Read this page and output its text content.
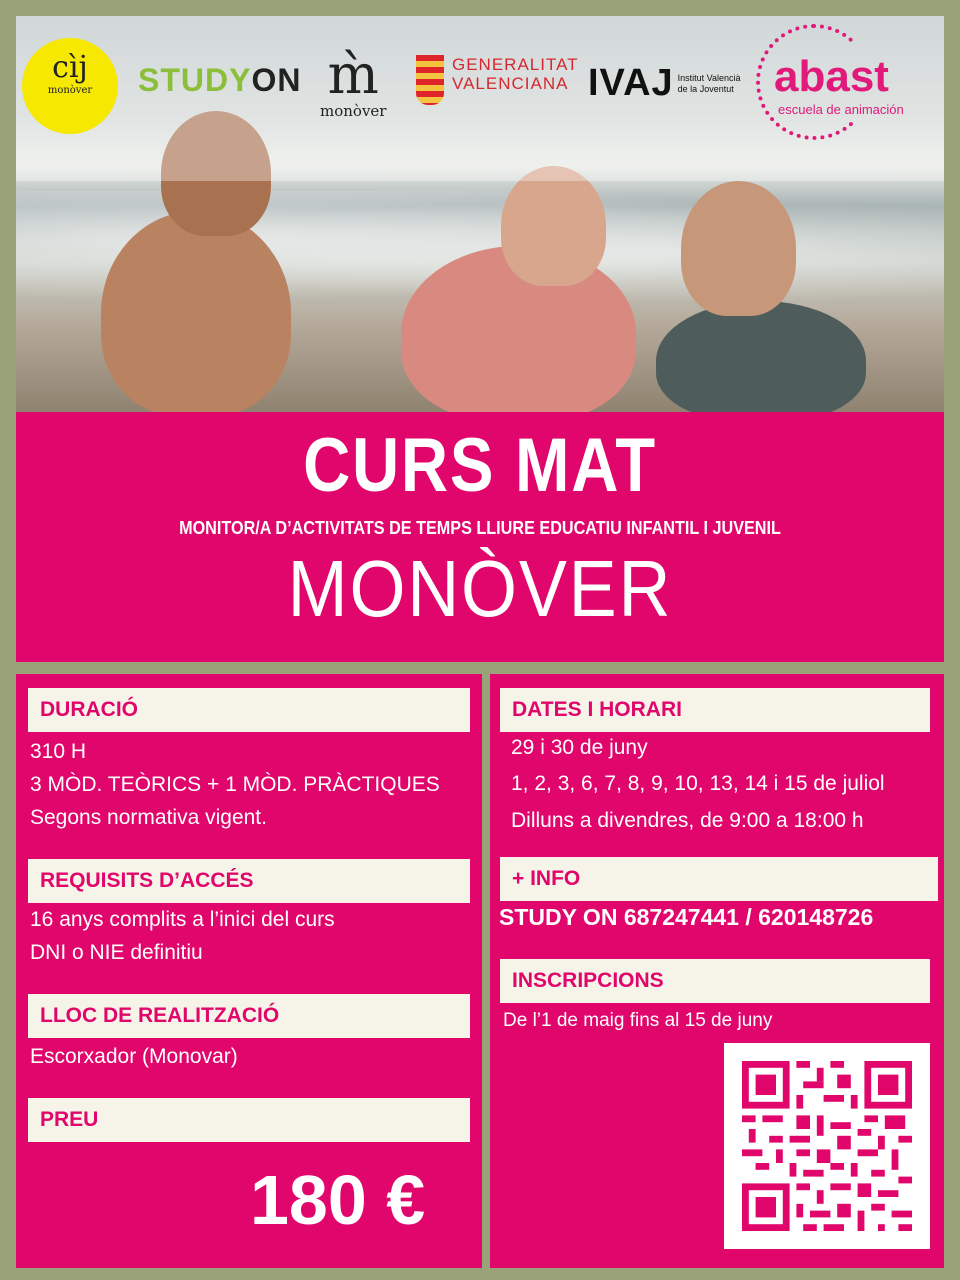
cìj
monòver	STUDYON m̀
monòver
GENERALITAT
VALENCIANA IVAJ Institut Valencià
de la Joventut abast
escuela de animación
CURS MAT
MONITOR/A D’ACTIVITATS DE TEMPS LLIURE EDUCATIU INFANTIL I JUVENIL
MONÒVER
DURACIÓ
310 H
3 MÒD. TEÒRICS + 1 MÒD. PRÀCTIQUES
Segons normativa vigent.
REQUISITS D’ACCÉS
16 anys complits a l’inici del curs
DNI o NIE definitiu
LLOC DE REALITZACIÓ
Escorxador (Monovar)
PREU
180 €
DATES I HORARI
29 i 30 de juny
1, 2, 3, 6, 7, 8, 9, 10, 13, 14 i 15 de juliol
Dilluns a divendres, de 9:00 a 18:00 h
+ INFO
STUDY ON 687247441 / 620148726
INSCRIPCIONS
De l’1 de maig fins al 15 de juny
